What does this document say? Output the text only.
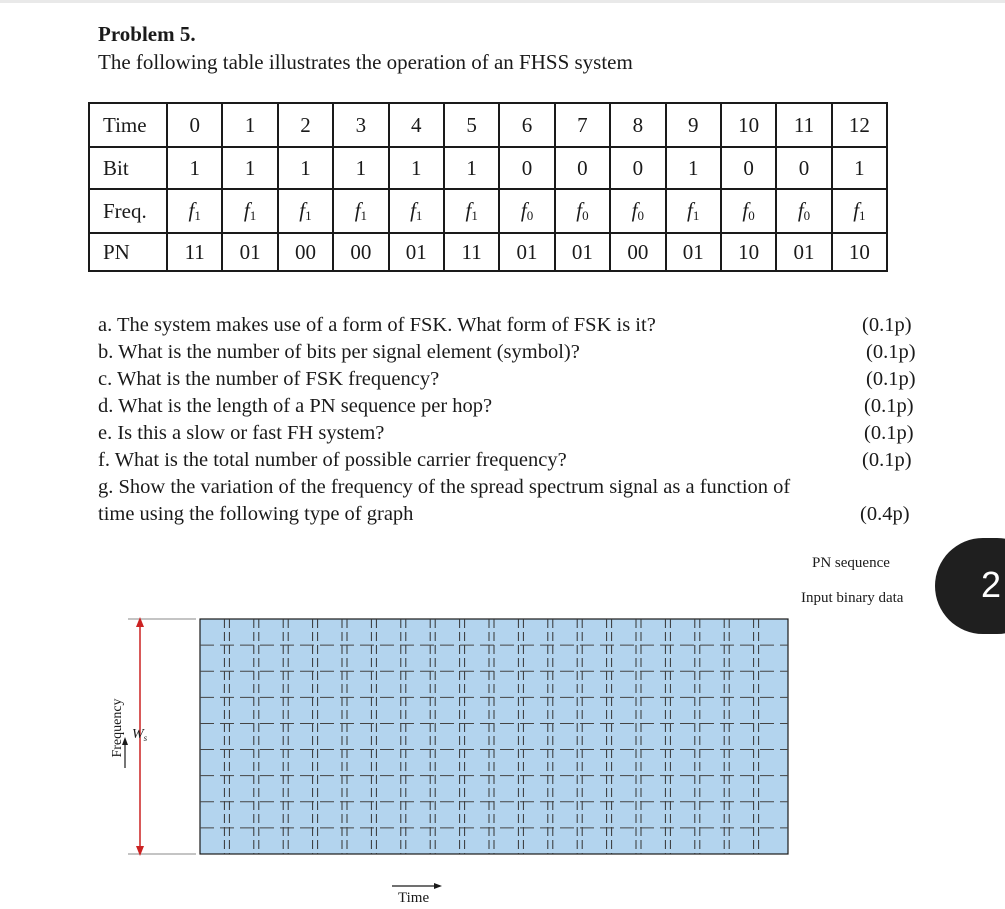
Problem 5.
The following table illustrates the operation of an FHSS system
Time	0	1	2	3	4	5	6	7	8	9	10	11	12
Bit	1	1	1	1	1	1	0	0	0	1	0	0	1
Freq.	f1	f1	f1	f1	f1	f1	f0	f0	f0	f1	f0	f0	f1
PN	11	01	00	00	01	11	01	01	00	01	10	01	10
a. The system makes use of a form of FSK. What form of FSK is it?	(0.1p)
b. What is the number of bits per signal element (symbol)?	(0.1p)
c. What is the number of FSK frequency?	(0.1p)
d. What is the length of a PN sequence per hop?	(0.1p)
e. Is this a slow or fast FH system?	(0.1p)
f. What is the total number of possible carrier frequency?	(0.1p)
g. Show the variation of the frequency of the spread spectrum signal as a function of
time using the following type of graph	(0.4p)
PN sequence
Input binary data 2
Frequency $W_s$
Time
